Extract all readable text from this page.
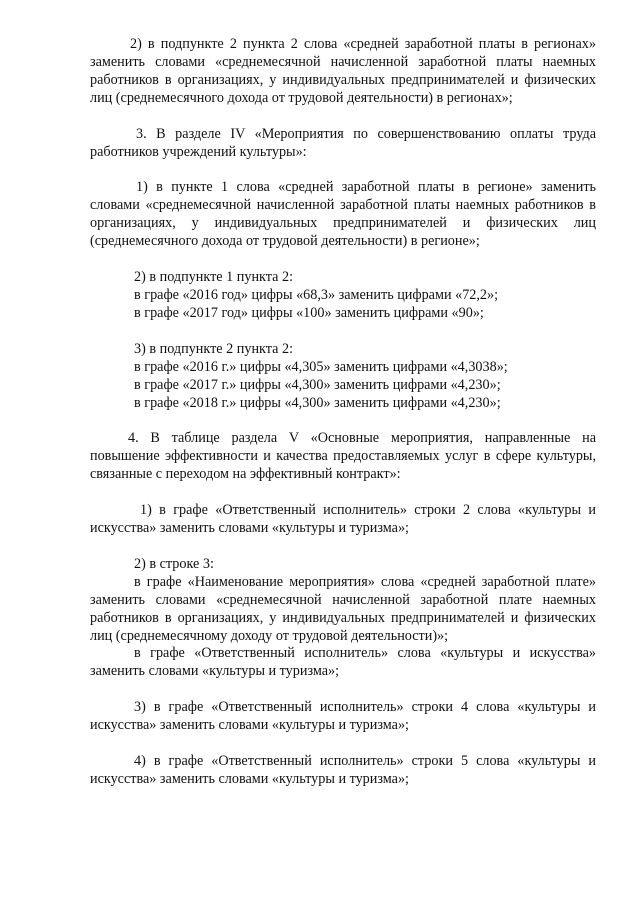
2) в подпункте 2 пункта 2 слова «средней заработной платы в регионах» заменить словами «среднемесячной начисленной заработной платы наемных работников в организациях, у индивидуальных предпринимателей и физических лиц (среднемесячного дохода от трудовой деятельности) в регионах»;

3. В разделе IV «Мероприятия по совершенствованию оплаты труда работников учреждений культуры»:

1) в пункте 1 слова «средней заработной платы в регионе» заменить словами «среднемесячной начисленной заработной платы наемных работников в организациях, у индивидуальных предпринимателей и физических лиц (среднемесячного дохода от трудовой деятельности) в регионе»;

2) в подпункте 1 пункта 2:

в графе «2016 год» цифры «68,3» заменить цифрами «72,2»;

в графе «2017 год» цифры «100» заменить цифрами «90»;

3) в подпункте 2 пункта 2:

в графе «2016 г.» цифры «4,305» заменить цифрами «4,3038»;

в графе «2017 г.» цифры «4,300» заменить цифрами «4,230»;

в графе «2018 г.» цифры «4,300» заменить цифрами «4,230»;

4. В таблице раздела V «Основные мероприятия, направленные на повышение эффективности и качества предоставляемых услуг в сфере культуры, связанные с переходом на эффективный контракт»:

1) в графе «Ответственный исполнитель» строки 2 слова «культуры и искусства» заменить словами «культуры и туризма»;

2) в строке 3:

в графе «Наименование мероприятия» слова «средней заработной плате» заменить словами «среднемесячной начисленной заработной плате наемных работников в организациях, у индивидуальных предпринимателей и физических лиц (среднемесячному доходу от трудовой деятельности)»;

в графе «Ответственный исполнитель» слова «культуры и искусства» заменить словами «культуры и туризма»;

3) в графе «Ответственный исполнитель» строки 4 слова «культуры и искусства» заменить словами «культуры и туризма»;

4) в графе «Ответственный исполнитель» строки 5 слова «культуры и искусства» заменить словами «культуры и туризма»;
